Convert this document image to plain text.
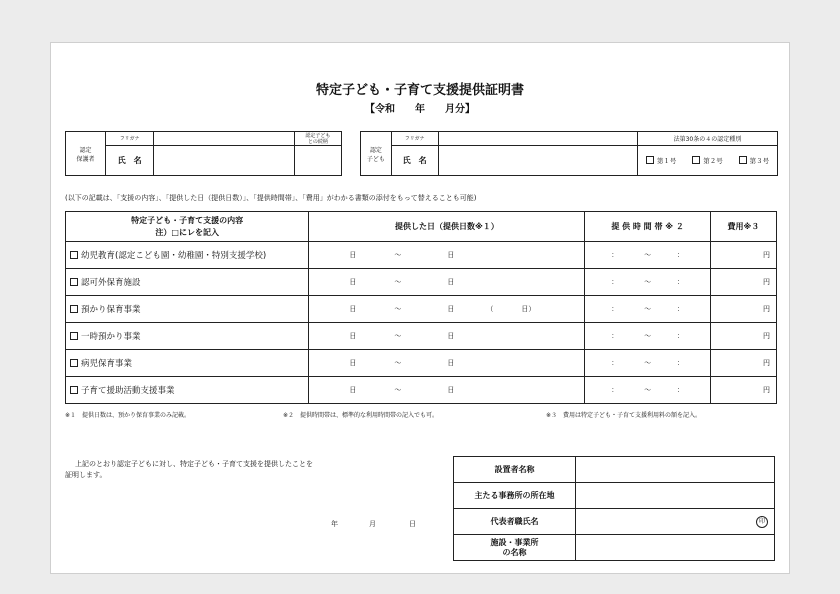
特定子ども・子育て支援提供証明書
【令和　　年　　月分】
認定
保護者	フリガナ		認定子ども
との続柄
	氏　名		
認定
子ども	フリガナ		法第30条の４の認定種別
	氏　名		第１号 第２号 第３号
(以下の記載は、「支援の内容」、「提供した日（提供日数）」、「提供時間帯」、「費用」がわかる書類の添付をもって替えることも可能)
特定子ども・子育て支援の内容
注）□にレを記入	提供した日（提供日数※１）	提 供 時 間 帯 ※ ２	費用※３
幼児教育(認定こども園・幼稚園・特別支援学校)	日 ～ 日	： ～ ：	円
認可外保育施設	日 ～ 日	： ～ ：	円
預かり保育事業	日 ～ 日 （　　　　日）	： ～ ：	円
一時預かり事業	日 ～ 日	： ～ ：	円
病児保育事業	日 ～ 日	： ～ ：	円
子育て援助活動支援事業	日 ～ 日	： ～ ：	円
※１　提供日数は、預かり保育事業のみ記載。	※２　提供時間帯は、標準的な利用時間帯の記入でも可。	※３　費用は特定子ども・子育て支援利用料の額を記入。
上記のとおり認定子どもに対し、特定子ども・子育て支援を提供したことを
証明します。
年	月	日
設置者名称	
主たる事務所の所在地	
代表者職氏名	印
施設・事業所
の名称	
